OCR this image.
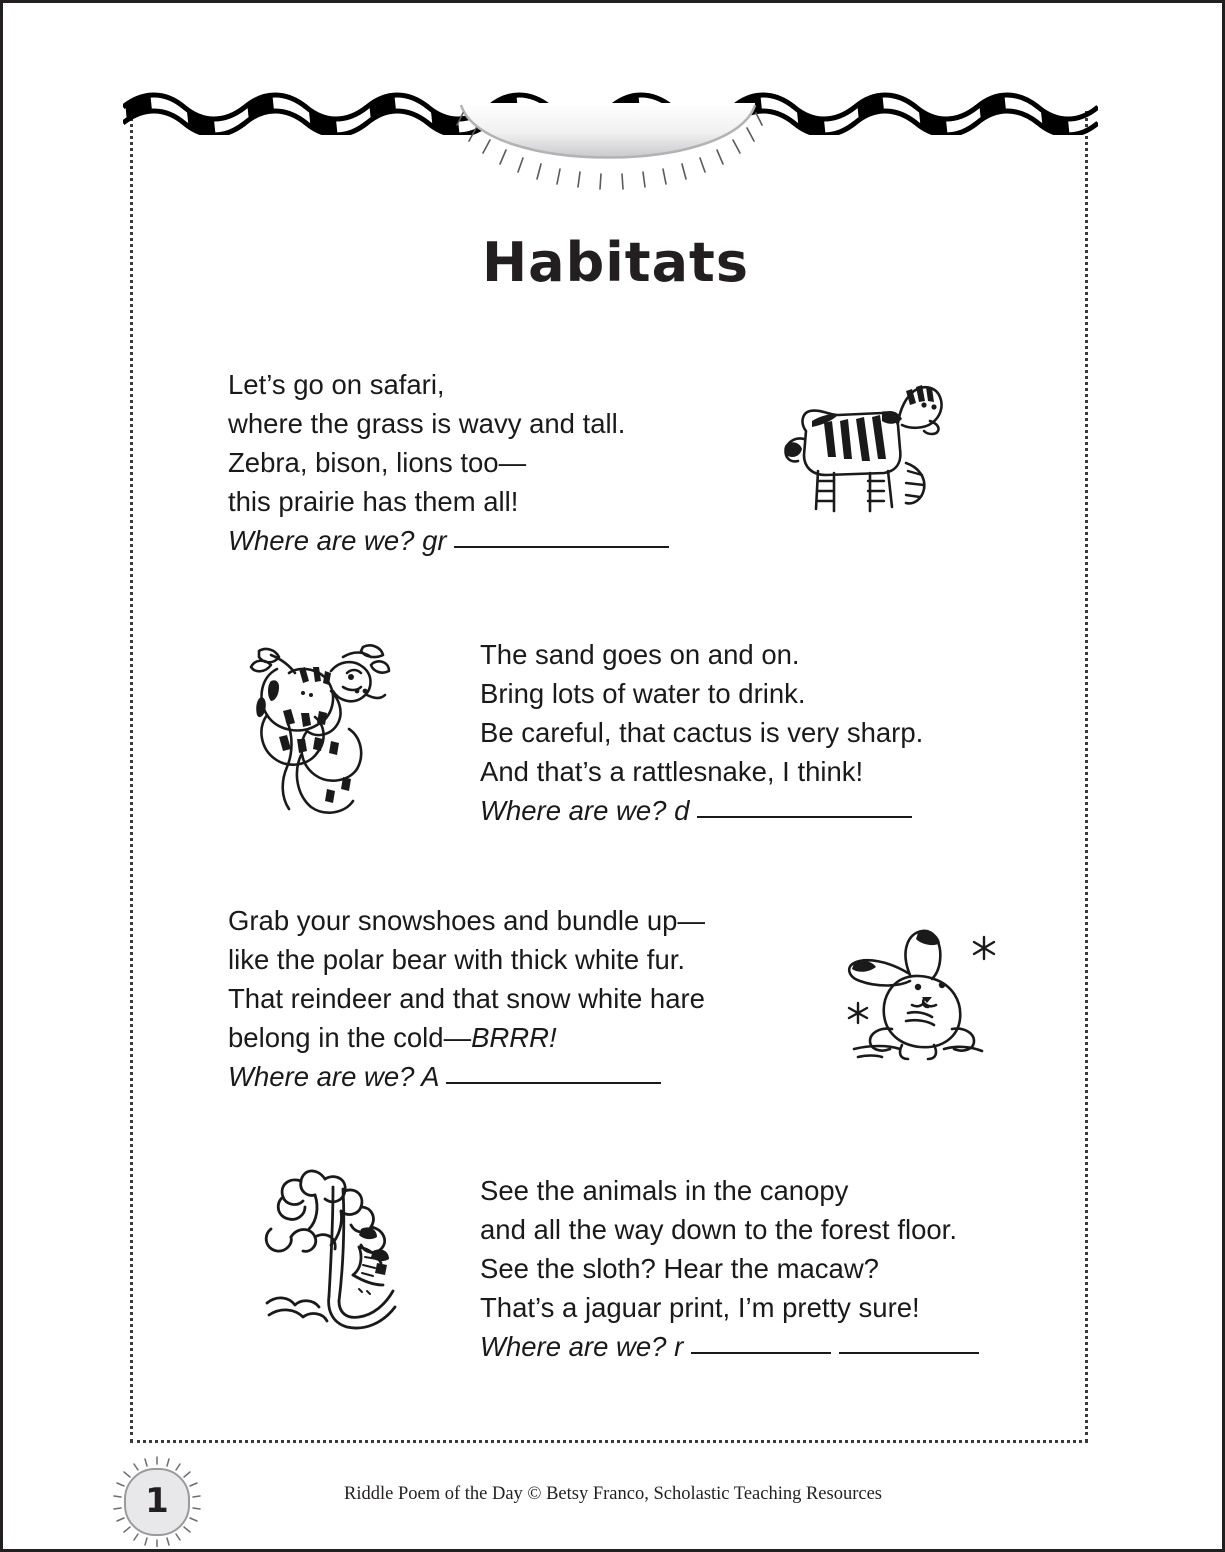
Habitats
Let’s go on safari,
where the grass is wavy and tall.
Zebra, bison, lions too—
this prairie has them all!
Where are we? gr
The sand goes on and on.
Bring lots of water to drink.
Be careful, that cactus is very sharp.
And that’s a rattlesnake, I think!
Where are we? d
Grab your snowshoes and bundle up—
like the polar bear with thick white fur.
That reindeer and that snow white hare
belong in the cold—BRRR!
Where are we? A
See the animals in the canopy
and all the way down to the forest floor.
See the sloth? Hear the macaw?
That’s a jaguar print, I’m pretty sure!
Where are we? r
1	Riddle Poem of the Day © Betsy Franco, Scholastic Teaching Resources
